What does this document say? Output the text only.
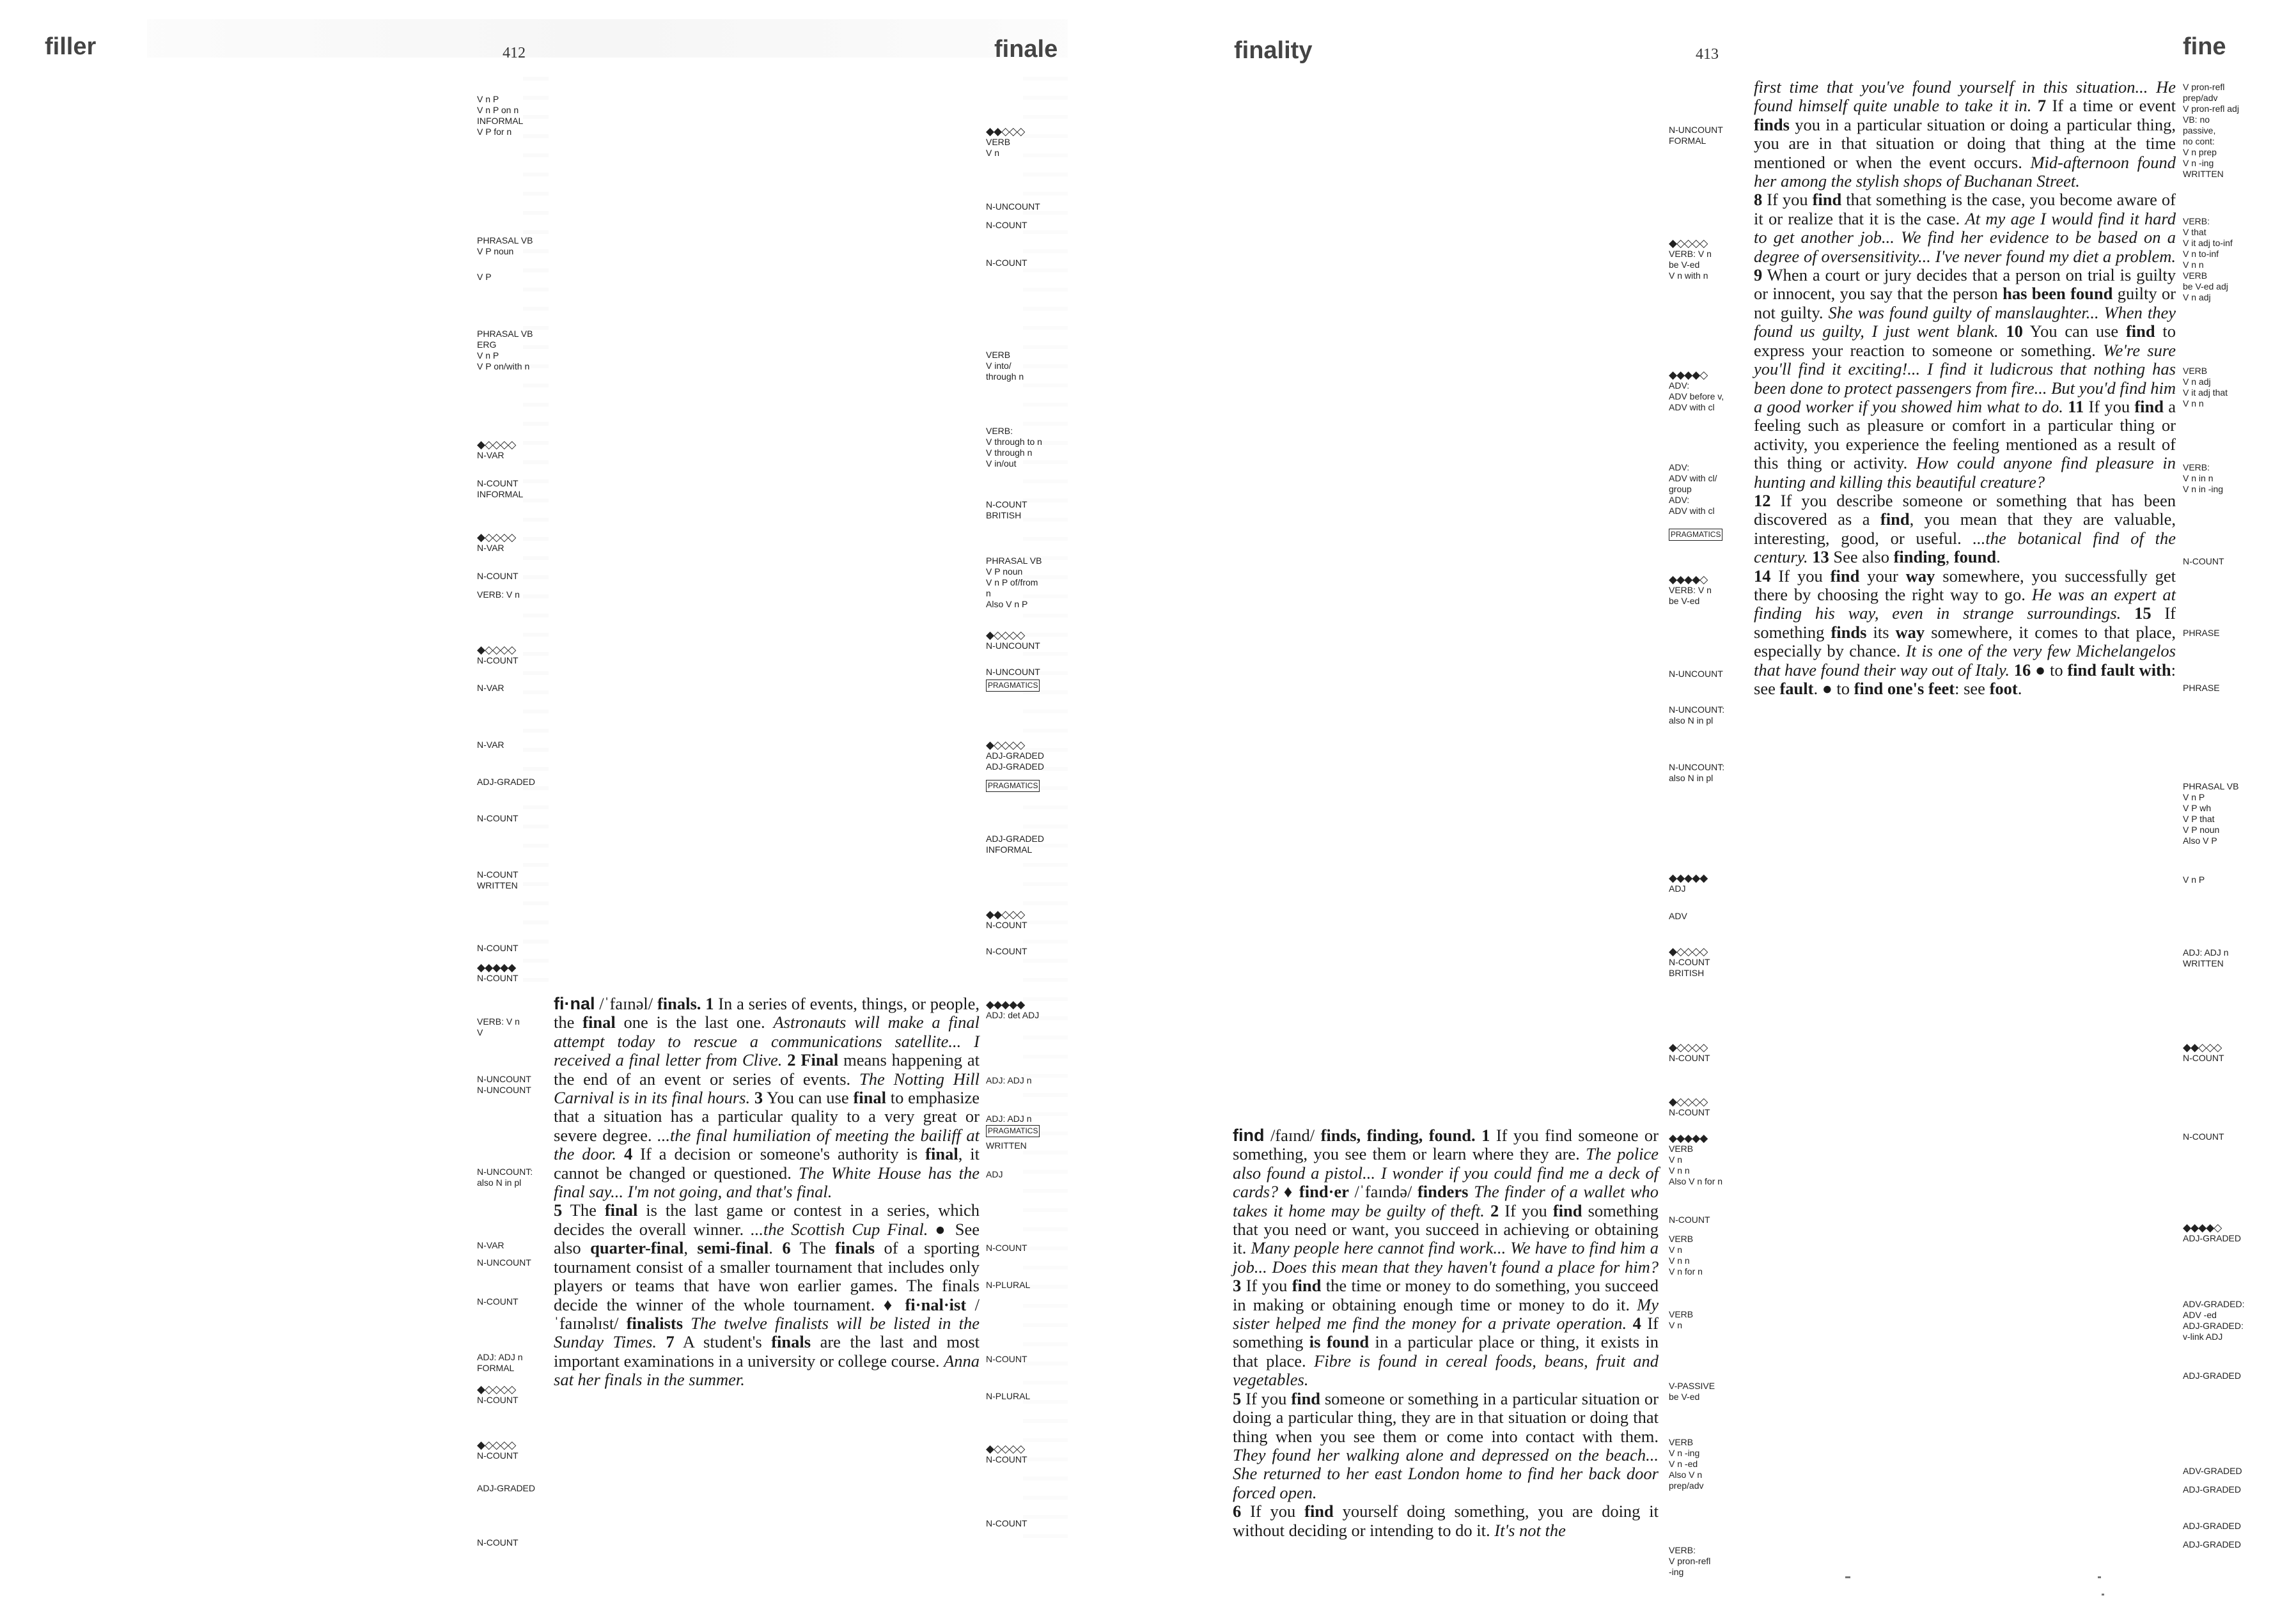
filler	412	finale
V n P
V n P on n
INFORMAL
V P for n
PHRASAL VB
V P noun
V P
PHRASAL VB
ERG
V n P
V P on/with n
◆◇◇◇◇
N-VAR
N-COUNT
INFORMAL
◆◇◇◇◇
N-VAR
N-COUNT
VERB: V n
◆◇◇◇◇
N-COUNT
N-VAR
N-VAR
ADJ-GRADED
N-COUNT
N-COUNT
WRITTEN
N-COUNT
◆◆◆◆◆
N-COUNT
VERB: V n
V
N-UNCOUNT
N-UNCOUNT
N-UNCOUNT:
also N in pl
N-VAR
N-UNCOUNT
N-COUNT
ADJ: ADJ n
FORMAL
◆◇◇◇◇
N-COUNT
◆◇◇◇◇
N-COUNT
ADJ-GRADED
N-COUNT
◆◆◇◇◇
VERB
V n
N-UNCOUNT
N-COUNT
N-COUNT
VERB
V into/
through n
VERB:
V through to n
V through n
V in/out
N-COUNT
BRITISH
PHRASAL VB
V P noun
V n P of/from
n
Also V n P
◆◇◇◇◇
N-UNCOUNT
N-UNCOUNT
PRAGMATICS
◆◇◇◇◇
ADJ-GRADED
ADJ-GRADED
PRAGMATICS
ADJ-GRADED
INFORMAL
◆◆◇◇◇
N-COUNT
N-COUNT
◆◆◆◆◆
ADJ: det ADJ
ADJ: ADJ n
ADJ: ADJ n
PRAGMATICS
WRITTEN
ADJ
N-COUNT
N-PLURAL
N-COUNT
N-PLURAL
◆◇◇◇◇
N-COUNT
N-COUNT

fi·nal /ˈfaɪnəl/ finals. 1 In a series of events, things, or people, the final one is the last one. Astronauts will make a final attempt today to rescue a communications satellite... I received a final letter from Clive. 2 Final means happening at the end of an event or series of events. The Notting Hill Carnival is in its final hours. 3 You can use final to emphasize that a situation has a particular quality to a very great or severe degree. ...the final humiliation of meeting the bailiff at the door. 4 If a decision or someone's authority is final, it cannot be changed or questioned. The White House has the final say... I'm not going, and that's final.

5 The final is the last game or contest in a series, which decides the overall winner. ...the Scottish Cup Final. ● See also quarter-final, semi-final. 6 The finals of a sporting tournament consist of a smaller tournament that includes only players or teams that have won earlier games. The finals decide the winner of the whole tournament. ♦ fi·nal·ist /ˈfaɪnəlɪst/ finalists The twelve finalists will be listed in the Sunday Times. 7 A student's finals are the last and most important examinations in a university or college course. Anna sat her finals in the summer.

finality	413	fine
N-UNCOUNT
FORMAL
◆◇◇◇◇
VERB: V n
be V-ed
V n with n
◆◆◆◆◇
ADV:
ADV before v,
ADV with cl
ADV:
ADV with cl/
group
ADV:
ADV with cl
PRAGMATICS
◆◆◆◆◇
VERB: V n
be V-ed
N-UNCOUNT
N-UNCOUNT:
also N in pl
N-UNCOUNT:
also N in pl
◆◆◆◆◆
ADJ
ADV
◆◇◇◇◇
N-COUNT
BRITISH
◆◇◇◇◇
N-COUNT
◆◇◇◇◇
N-COUNT
◆◆◆◆◆
VERB
V n
V n n
Also V n for n
N-COUNT
VERB
V n
V n n
V n for n
VERB
V n
V-PASSIVE
be V-ed
VERB
V n -ing
V n -ed
Also V n
prep/adv
VERB:
V pron-refl
-ing
V pron-refl
prep/adv
V pron-refl adj
VB: no
passive,
no cont:
V n prep
V n -ing
WRITTEN
VERB:
V that
V it adj to-inf
V n to-inf
V n n
VERB
be V-ed adj
V n adj
VERB
V n adj
V it adj that
V n n
VERB:
V n in n
V n in -ing
N-COUNT
PHRASE
PHRASE
PHRASAL VB
V n P
V P wh
V P that
V P noun
Also V P
V n P
ADJ: ADJ n
WRITTEN
◆◆◇◇◇
N-COUNT
N-COUNT
◆◆◆◆◇
ADJ-GRADED
ADV-GRADED:
ADV -ed
ADJ-GRADED:
v-link ADJ
ADJ-GRADED
ADV-GRADED
ADJ-GRADED
ADJ-GRADED
ADJ-GRADED

first time that you've found yourself in this situation... He found himself quite unable to take it in. 7 If a time or event finds you in a particular situation or doing a particular thing, you are in that situation or doing that thing at the time mentioned or when the event occurs. Mid-afternoon found her among the stylish shops of Buchanan Street.

8 If you find that something is the case, you become aware of it or realize that it is the case. At my age I would find it hard to get another job... We find her evidence to be based on a degree of oversensitivity... I've never found my diet a problem. 9 When a court or jury decides that a person on trial is guilty or innocent, you say that the person has been found guilty or not guilty. She was found guilty of manslaughter... When they found us guilty, I just went blank. 10 You can use find to express your reaction to someone or something. We're sure you'll find it exciting!... I find it ludicrous that nothing has been done to protect passengers from fire... But you'd find him a good worker if you showed him what to do. 11 If you find a feeling such as pleasure or comfort in a particular thing or activity, you experience the feeling mentioned as a result of this thing or activity. How could anyone find pleasure in hunting and killing this beautiful creature?

12 If you describe someone or something that has been discovered as a find, you mean that they are valuable, interesting, good, or useful. ...the botanical find of the century. 13 See also finding, found.

14 If you find your way somewhere, you successfully get there by choosing the right way to go. He was an expert at finding his way, even in strange surroundings. 15 If something finds its way somewhere, it comes to that place, especially by chance. It is one of the very few Michelangelos that have found their way out of Italy. 16 ● to find fault with: see fault. ● to find one's feet: see foot.

find /faɪnd/ finds, finding, found. 1 If you find someone or something, you see them or learn where they are. The police also found a pistol... I wonder if you could find me a deck of cards? ♦ find·er /ˈfaɪndə/ finders The finder of a wallet who takes it home may be guilty of theft. 2 If you find something that you need or want, you succeed in achieving or obtaining it. Many people here cannot find work... We have to find him a job... Does this mean that they haven't found a place for him? 3 If you find the time or money to do something, you succeed in making or obtaining enough time or money to do it. My sister helped me find the money for a private operation. 4 If something is found in a particular place or thing, it exists in that place. Fibre is found in cereal foods, beans, fruit and vegetables.

5 If you find someone or something in a particular situation or doing a particular thing, they are in that situation or doing that thing when you see them or come into contact with them. They found her walking alone and depressed on the beach... She returned to her east London home to find her back door forced open.

6 If you find yourself doing something, you are doing it without deciding or intending to do it. It's not the
